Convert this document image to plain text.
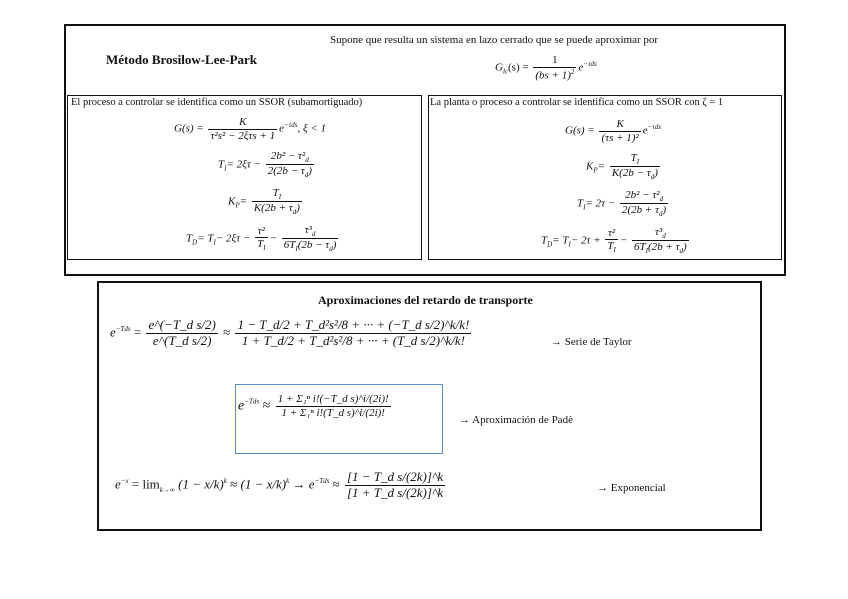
Método Brosilow-Lee-Park
Supone que resulta un sistema en lazo cerrado que se puede aproximar por
$G_{lc}(s) = \frac{1}{(bs + 1)^2} e^{-\tau ds}$
El proceso a controlar se identifica como un SSOR (subamortiguado)
$G(s) = \frac{K}{\text{τ²s² − 2ξτs + 1}} e^{-\tau ds}$, ξ < 1
$T_I= 2\xi\tau - \frac{2b^2 - \tau^2_d}{2(2b - \tau_d)}$
$K_P= \frac{T_I}{K(2b + \tau_d)}$
$T_D= T_I- 2\xi\tau - \frac{\text{τ²}}{T_I} - \frac{\tau^3_d}{6T_I(2b - \tau_d)}$
La planta o proceso a controlar se identifica como un SSOR con ζ = 1
$G(s) = \frac{K}{\text{(τs + 1)²}} e^{-\tau ds}$
$K_P= \frac{T_I}{K(2b - \tau_d)}$
$T_I= 2\tau - \frac{2b^2 - \tau^2_d}{2(2b + \tau_d)}$
$T_D= T_I- 2\tau + \frac{\text{τ²}}{T_I} - \frac{\tau^3_d}{6T_I(2b + \tau_d)}$
Aproximaciones del retardo de transporte
$e^{-Tds} = \frac{\text{e\textasciicircum{}(−T\_d s/2)}}{\text{e\textasciicircum{}(T\_d s/2)}} \approx \frac{\text{1 − T\_d/2 + T\_d²s²/8 + ··· + (−T\_d s/2)\textasciicircum{}k/k!}}{\text{1 + T\_d/2 + T\_d²s²/8 + ··· + (T\_d s/2)\textasciicircum{}k/k!}}$	→ Serie de Taylor
$e^{-Tds} \approx \frac{\text{1 + Σ₁ⁿ i!(−T\_d s)\textasciicircum{}i/(2i)!}}{\text{1 + Σ₁ⁿ i!(T\_d s)\textasciicircum{}i/(2i)!}}$
→ Aproximación de Padè
$e^{-x} = \lim_{k\to\infty} (1 - x/k)^k \approx (1 - x/k)^k \to e^{-Tds} \approx \frac{\text{[1 − T\_d s/(2k)]\textasciicircum{}k}}{\text{[1 + T\_d s/(2k)]\textasciicircum{}k}}$	→ Exponencial
